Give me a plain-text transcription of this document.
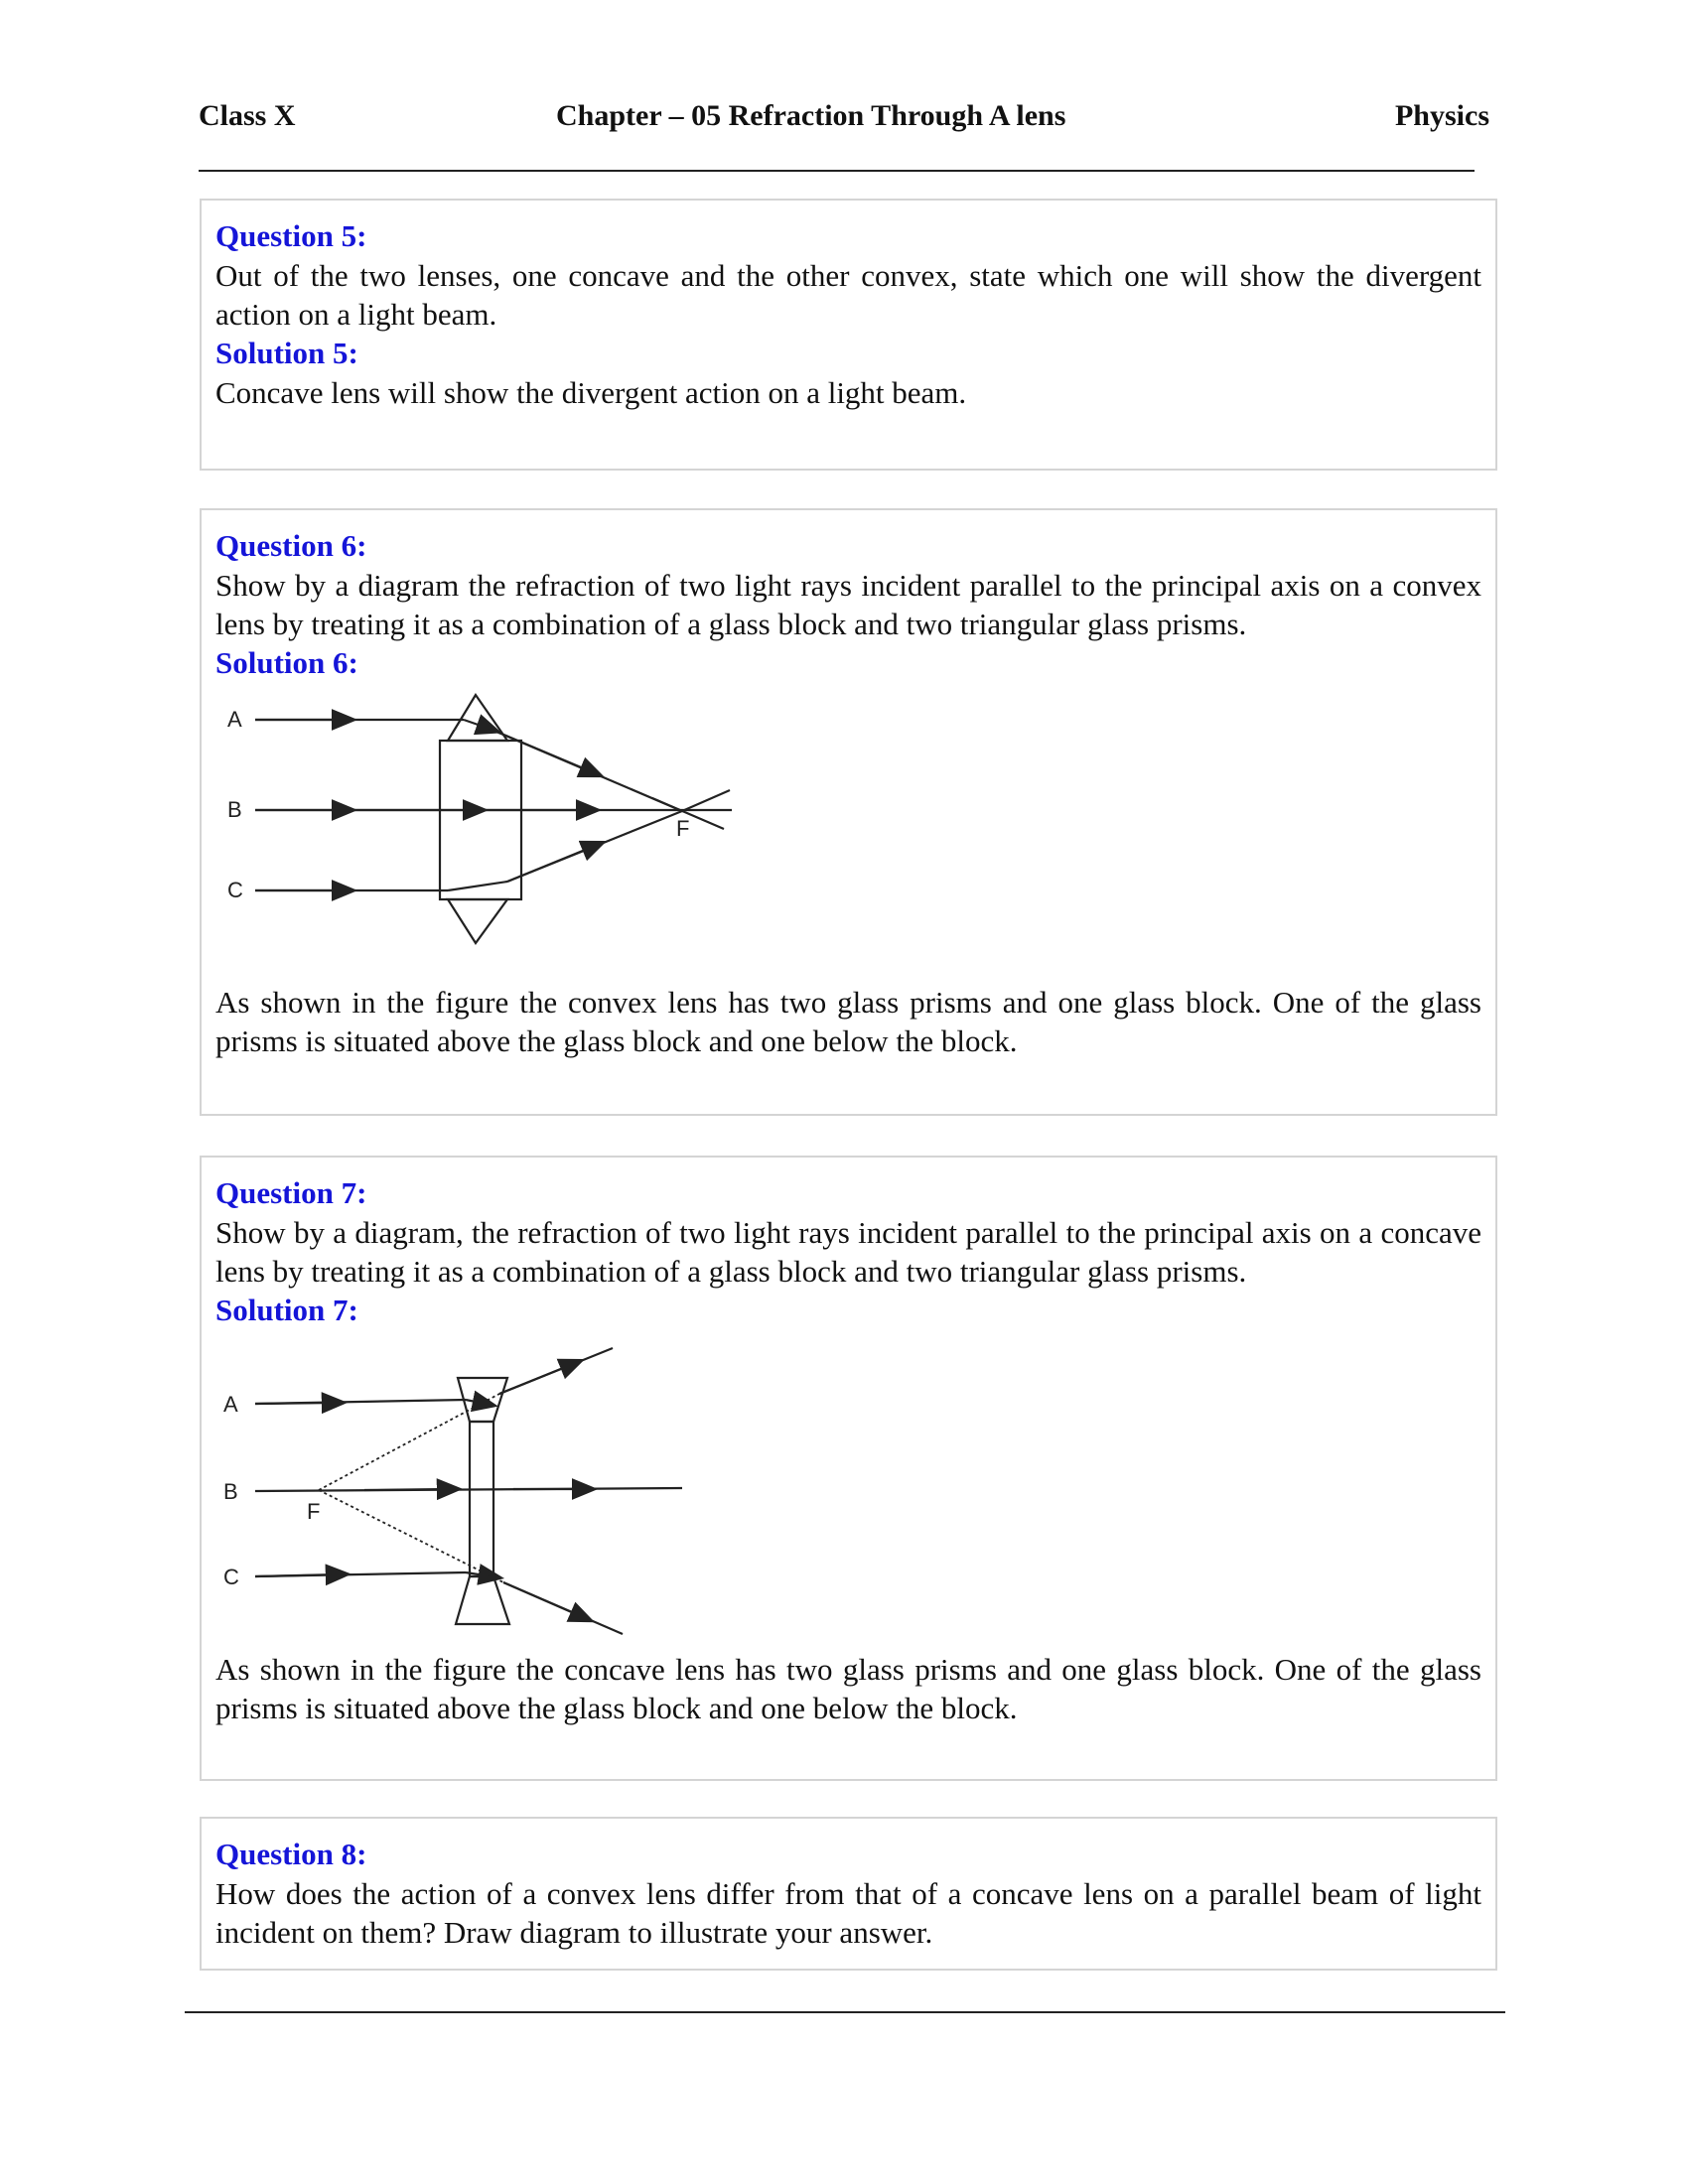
Class X	Chapter – 05 Refraction Through A lens	Physics
Question 5:
Out of the two lenses, one concave and the other convex, state which one will show the divergent action on a light beam.
Solution 5:
Concave lens will show the divergent action on a light beam.
Question 6:
Show by a diagram the refraction of two light rays incident parallel to the principal axis on a convex lens by treating it as a combination of a glass block and two triangular glass prisms.
Solution 6:
A
B
C
F
As shown in the figure the convex lens has two glass prisms and one glass block. One of the glass prisms is situated above the glass block and one below the block.
Question 7:
Show by a diagram, the refraction of two light rays incident parallel to the principal axis on a concave lens by treating it as a combination of a glass block and two triangular glass prisms.
Solution 7:
A
B
C
F
As shown in the figure the concave lens has two glass prisms and one glass block. One of the glass prisms is situated above the glass block and one below the block.
Question 8:
How does the action of a convex lens differ from that of a concave lens on a parallel beam of light incident on them? Draw diagram to illustrate your answer.
